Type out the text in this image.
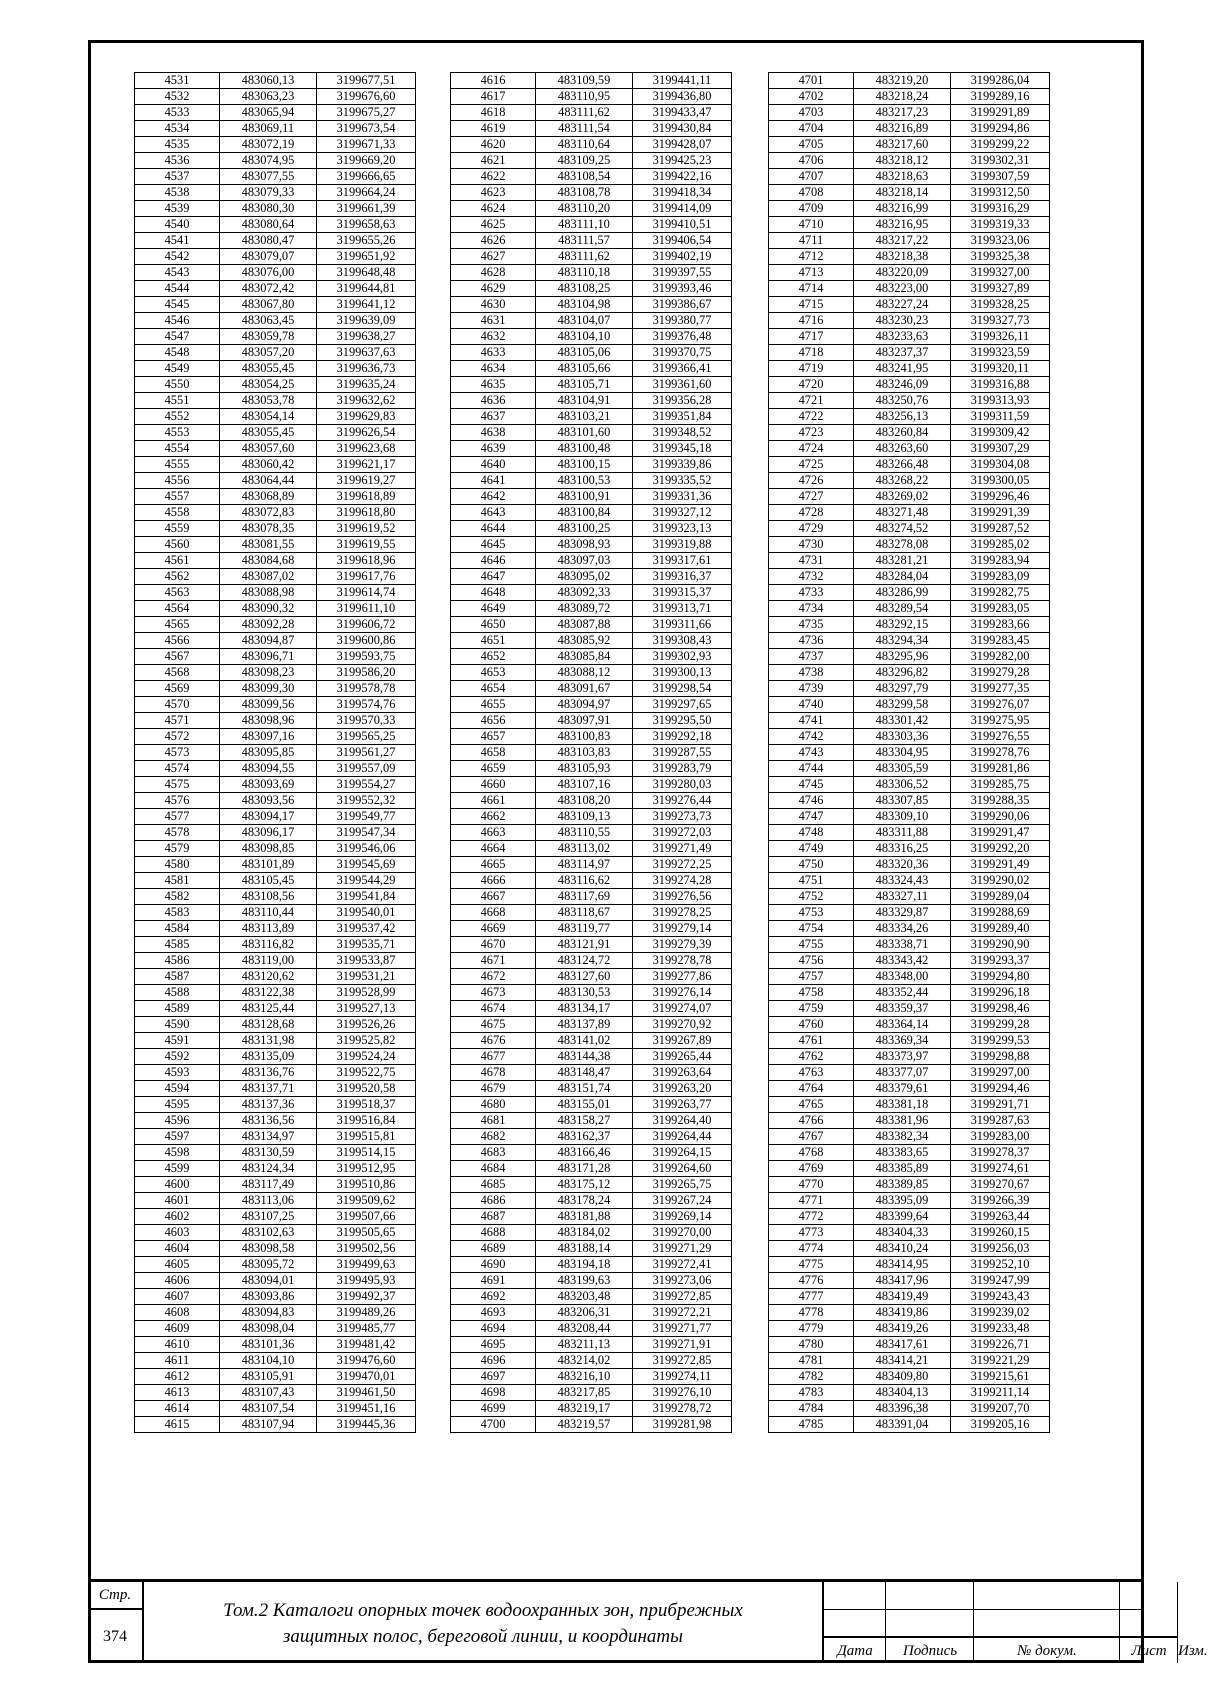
4531	483060,13	3199677,51
4532	483063,23	3199676,60
4533	483065,94	3199675,27
4534	483069,11	3199673,54
4535	483072,19	3199671,33
4536	483074,95	3199669,20
4537	483077,55	3199666,65
4538	483079,33	3199664,24
4539	483080,30	3199661,39
4540	483080,64	3199658,63
4541	483080,47	3199655,26
4542	483079,07	3199651,92
4543	483076,00	3199648,48
4544	483072,42	3199644,81
4545	483067,80	3199641,12
4546	483063,45	3199639,09
4547	483059,78	3199638,27
4548	483057,20	3199637,63
4549	483055,45	3199636,73
4550	483054,25	3199635,24
4551	483053,78	3199632,62
4552	483054,14	3199629,83
4553	483055,45	3199626,54
4554	483057,60	3199623,68
4555	483060,42	3199621,17
4556	483064,44	3199619,27
4557	483068,89	3199618,89
4558	483072,83	3199618,80
4559	483078,35	3199619,52
4560	483081,55	3199619,55
4561	483084,68	3199618,96
4562	483087,02	3199617,76
4563	483088,98	3199614,74
4564	483090,32	3199611,10
4565	483092,28	3199606,72
4566	483094,87	3199600,86
4567	483096,71	3199593,75
4568	483098,23	3199586,20
4569	483099,30	3199578,78
4570	483099,56	3199574,76
4571	483098,96	3199570,33
4572	483097,16	3199565,25
4573	483095,85	3199561,27
4574	483094,55	3199557,09
4575	483093,69	3199554,27
4576	483093,56	3199552,32
4577	483094,17	3199549,77
4578	483096,17	3199547,34
4579	483098,85	3199546,06
4580	483101,89	3199545,69
4581	483105,45	3199544,29
4582	483108,56	3199541,84
4583	483110,44	3199540,01
4584	483113,89	3199537,42
4585	483116,82	3199535,71
4586	483119,00	3199533,87
4587	483120,62	3199531,21
4588	483122,38	3199528,99
4589	483125,44	3199527,13
4590	483128,68	3199526,26
4591	483131,98	3199525,82
4592	483135,09	3199524,24
4593	483136,76	3199522,75
4594	483137,71	3199520,58
4595	483137,36	3199518,37
4596	483136,56	3199516,84
4597	483134,97	3199515,81
4598	483130,59	3199514,15
4599	483124,34	3199512,95
4600	483117,49	3199510,86
4601	483113,06	3199509,62
4602	483107,25	3199507,66
4603	483102,63	3199505,65
4604	483098,58	3199502,56
4605	483095,72	3199499,63
4606	483094,01	3199495,93
4607	483093,86	3199492,37
4608	483094,83	3199489,26
4609	483098,04	3199485,77
4610	483101,36	3199481,42
4611	483104,10	3199476,60
4612	483105,91	3199470,01
4613	483107,43	3199461,50
4614	483107,54	3199451,16
4615	483107,94	3199445,36
4616	483109,59	3199441,11
4617	483110,95	3199436,80
4618	483111,62	3199433,47
4619	483111,54	3199430,84
4620	483110,64	3199428,07
4621	483109,25	3199425,23
4622	483108,54	3199422,16
4623	483108,78	3199418,34
4624	483110,20	3199414,09
4625	483111,10	3199410,51
4626	483111,57	3199406,54
4627	483111,62	3199402,19
4628	483110,18	3199397,55
4629	483108,25	3199393,46
4630	483104,98	3199386,67
4631	483104,07	3199380,77
4632	483104,10	3199376,48
4633	483105,06	3199370,75
4634	483105,66	3199366,41
4635	483105,71	3199361,60
4636	483104,91	3199356,28
4637	483103,21	3199351,84
4638	483101,60	3199348,52
4639	483100,48	3199345,18
4640	483100,15	3199339,86
4641	483100,53	3199335,52
4642	483100,91	3199331,36
4643	483100,84	3199327,12
4644	483100,25	3199323,13
4645	483098,93	3199319,88
4646	483097,03	3199317,61
4647	483095,02	3199316,37
4648	483092,33	3199315,37
4649	483089,72	3199313,71
4650	483087,88	3199311,66
4651	483085,92	3199308,43
4652	483085,84	3199302,93
4653	483088,12	3199300,13
4654	483091,67	3199298,54
4655	483094,97	3199297,65
4656	483097,91	3199295,50
4657	483100,83	3199292,18
4658	483103,83	3199287,55
4659	483105,93	3199283,79
4660	483107,16	3199280,03
4661	483108,20	3199276,44
4662	483109,13	3199273,73
4663	483110,55	3199272,03
4664	483113,02	3199271,49
4665	483114,97	3199272,25
4666	483116,62	3199274,28
4667	483117,69	3199276,56
4668	483118,67	3199278,25
4669	483119,77	3199279,14
4670	483121,91	3199279,39
4671	483124,72	3199278,78
4672	483127,60	3199277,86
4673	483130,53	3199276,14
4674	483134,17	3199274,07
4675	483137,89	3199270,92
4676	483141,02	3199267,89
4677	483144,38	3199265,44
4678	483148,47	3199263,64
4679	483151,74	3199263,20
4680	483155,01	3199263,77
4681	483158,27	3199264,40
4682	483162,37	3199264,44
4683	483166,46	3199264,15
4684	483171,28	3199264,60
4685	483175,12	3199265,75
4686	483178,24	3199267,24
4687	483181,88	3199269,14
4688	483184,02	3199270,00
4689	483188,14	3199271,29
4690	483194,18	3199272,41
4691	483199,63	3199273,06
4692	483203,48	3199272,85
4693	483206,31	3199272,21
4694	483208,44	3199271,77
4695	483211,13	3199271,91
4696	483214,02	3199272,85
4697	483216,10	3199274,11
4698	483217,85	3199276,10
4699	483219,17	3199278,72
4700	483219,57	3199281,98
4701	483219,20	3199286,04
4702	483218,24	3199289,16
4703	483217,23	3199291,89
4704	483216,89	3199294,86
4705	483217,60	3199299,22
4706	483218,12	3199302,31
4707	483218,63	3199307,59
4708	483218,14	3199312,50
4709	483216,99	3199316,29
4710	483216,95	3199319,33
4711	483217,22	3199323,06
4712	483218,38	3199325,38
4713	483220,09	3199327,00
4714	483223,00	3199327,89
4715	483227,24	3199328,25
4716	483230,23	3199327,73
4717	483233,63	3199326,11
4718	483237,37	3199323,59
4719	483241,95	3199320,11
4720	483246,09	3199316,88
4721	483250,76	3199313,93
4722	483256,13	3199311,59
4723	483260,84	3199309,42
4724	483263,60	3199307,29
4725	483266,48	3199304,08
4726	483268,22	3199300,05
4727	483269,02	3199296,46
4728	483271,48	3199291,39
4729	483274,52	3199287,52
4730	483278,08	3199285,02
4731	483281,21	3199283,94
4732	483284,04	3199283,09
4733	483286,99	3199282,75
4734	483289,54	3199283,05
4735	483292,15	3199283,66
4736	483294,34	3199283,45
4737	483295,96	3199282,00
4738	483296,82	3199279,28
4739	483297,79	3199277,35
4740	483299,58	3199276,07
4741	483301,42	3199275,95
4742	483303,36	3199276,55
4743	483304,95	3199278,76
4744	483305,59	3199281,86
4745	483306,52	3199285,75
4746	483307,85	3199288,35
4747	483309,10	3199290,06
4748	483311,88	3199291,47
4749	483316,25	3199292,20
4750	483320,36	3199291,49
4751	483324,43	3199290,02
4752	483327,11	3199289,04
4753	483329,87	3199288,69
4754	483334,26	3199289,40
4755	483338,71	3199290,90
4756	483343,42	3199293,37
4757	483348,00	3199294,80
4758	483352,44	3199296,18
4759	483359,37	3199298,46
4760	483364,14	3199299,28
4761	483369,34	3199299,53
4762	483373,97	3199298,88
4763	483377,07	3199297,00
4764	483379,61	3199294,46
4765	483381,18	3199291,71
4766	483381,96	3199287,63
4767	483382,34	3199283,00
4768	483383,65	3199278,37
4769	483385,89	3199274,61
4770	483389,85	3199270,67
4771	483395,09	3199266,39
4772	483399,64	3199263,44
4773	483404,33	3199260,15
4774	483410,24	3199256,03
4775	483414,95	3199252,10
4776	483417,96	3199247,99
4777	483419,49	3199243,43
4778	483419,86	3199239,02
4779	483419,26	3199233,48
4780	483417,61	3199226,71
4781	483414,21	3199221,29
4782	483409,80	3199215,61
4783	483404,13	3199211,14
4784	483396,38	3199207,70
4785	483391,04	3199205,16
Стр.
374
Том.2 Каталоги опорных точек водоохранных зон, прибрежных
защитных полос, береговой линии, и координаты
Дата	Подпись	№ докум.	Лист Изм.
